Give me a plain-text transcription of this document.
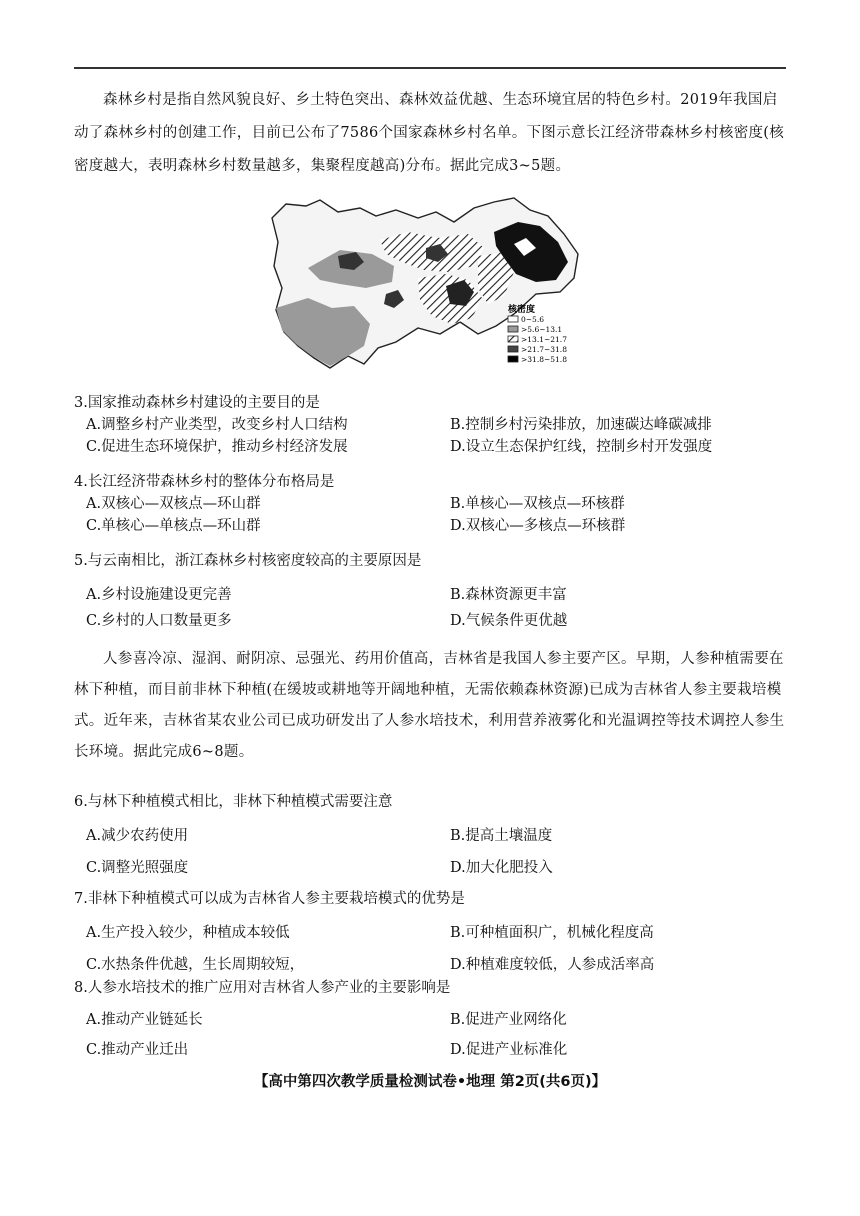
森林乡村是指自然风貌良好、乡土特色突出、森林效益优越、生态环境宜居的特色乡村。2019年我国启动了森林乡村的创建工作，目前已公布了7586个国家森林乡村名单。下图示意长江经济带森林乡村核密度(核密度越大，表明森林乡村数量越多，集聚程度越高)分布。据此完成3~5题。
核密度
0~5.6
>5.6~13.1
>13.1~21.7
>21.7~31.8
>31.8~51.8
3.国家推动森林乡村建设的主要目的是
A.调整乡村产业类型，改变乡村人口结构	B.控制乡村污染排放，加速碳达峰碳减排
C.促进生态环境保护，推动乡村经济发展	D.设立生态保护红线，控制乡村开发强度
4.长江经济带森林乡村的整体分布格局是
A.双核心—双核点—环山群	B.单核心—双核点—环核群
C.单核心—单核点—环山群	D.双核心—多核点—环核群
5.与云南相比，浙江森林乡村核密度较高的主要原因是
A.乡村设施建设更完善	B.森林资源更丰富
C.乡村的人口数量更多	D.气候条件更优越
人参喜冷凉、湿润、耐阴凉、忌强光、药用价值高，吉林省是我国人参主要产区。早期，人参种植需要在林下种植，而目前非林下种植(在缓坡或耕地等开阔地种植，无需依赖森林资源)已成为吉林省人参主要栽培模式。近年来，吉林省某农业公司已成功研发出了人参水培技术，利用营养液雾化和光温调控等技术调控人参生长环境。据此完成6~8题。
6.与林下种植模式相比，非林下种植模式需要注意
A.减少农药使用	B.提高土壤温度
C.调整光照强度	D.加大化肥投入
7.非林下种植模式可以成为吉林省人参主要栽培模式的优势是
A.生产投入较少，种植成本较低	B.可种植面积广，机械化程度高
C.水热条件优越，生长周期较短，	D.种植难度较低，人参成活率高
8.人参水培技术的推广应用对吉林省人参产业的主要影响是
A.推动产业链延长	B.促进产业网络化
C.推动产业迁出	D.促进产业标准化
【高中第四次教学质量检测试卷•地理 第2页(共6页)】
